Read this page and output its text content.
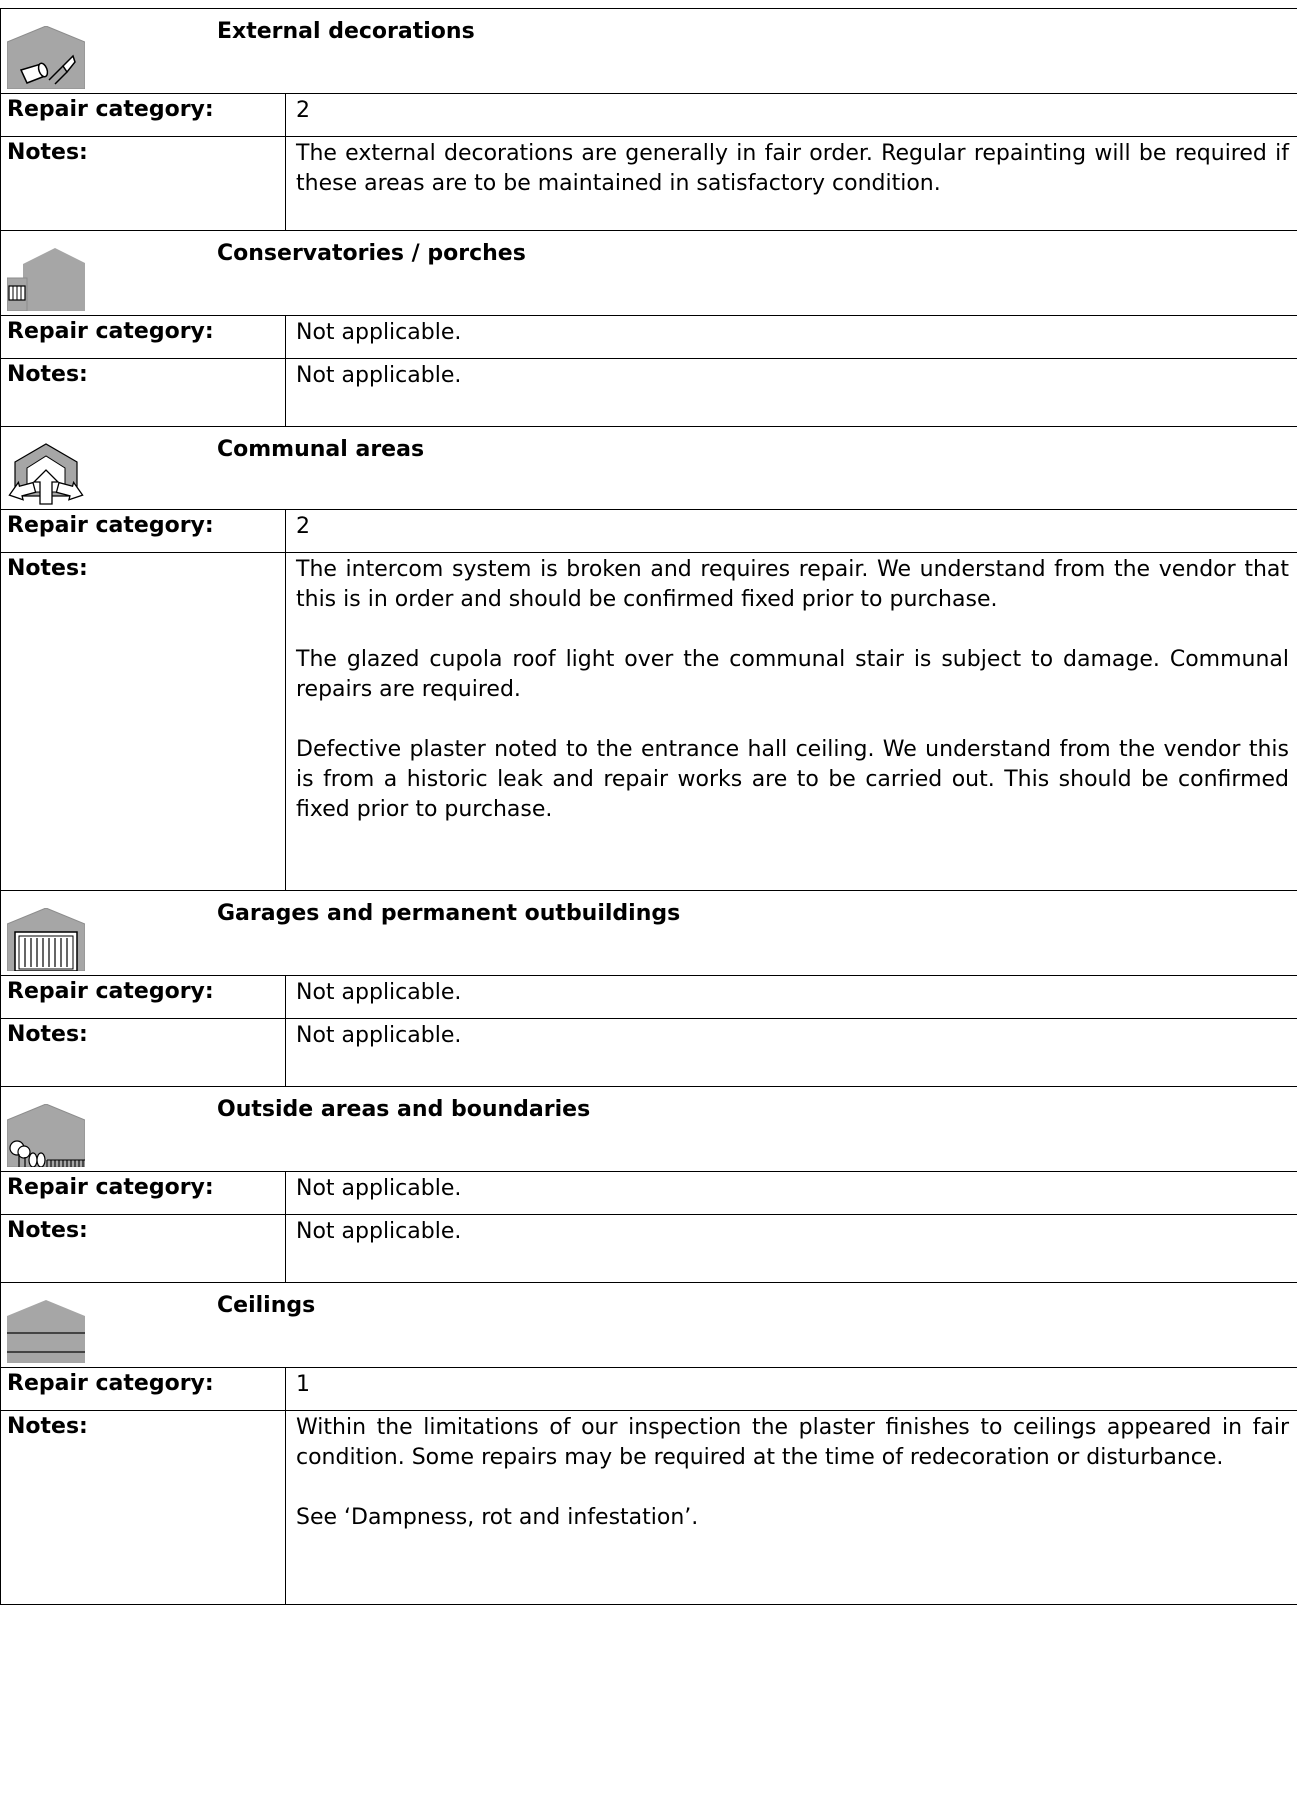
External decorations	

Repair category:	2
Notes:	The external decorations are generally in fair order. Regular repainting will be required if these areas are to be maintained in satisfactory condition.

Conservatories / porches	

Repair category:	Not applicable.
Notes:	Not applicable.

Communal areas	

Repair category:	2
Notes:	The intercom system is broken and requires repair. We understand from the vendor that this is in order and should be confirmed fixed prior to purchase.

The glazed cupola roof light over the communal stair is subject to damage. Communal repairs are required.

Defective plaster noted to the entrance hall ceiling. We understand from the vendor this is from a historic leak and repair works are to be carried out. This should be confirmed fixed prior to purchase.

Garages and permanent outbuildings	

Repair category:	Not applicable.
Notes:	Not applicable.

Outside areas and boundaries	

Repair category:	Not applicable.
Notes:	Not applicable.

Ceilings	

Repair category:	1
Notes:	Within the limitations of our inspection the plaster finishes to ceilings appeared in fair condition. Some repairs may be required at the time of redecoration or disturbance.

See ‘Dampness, rot and infestation’.
